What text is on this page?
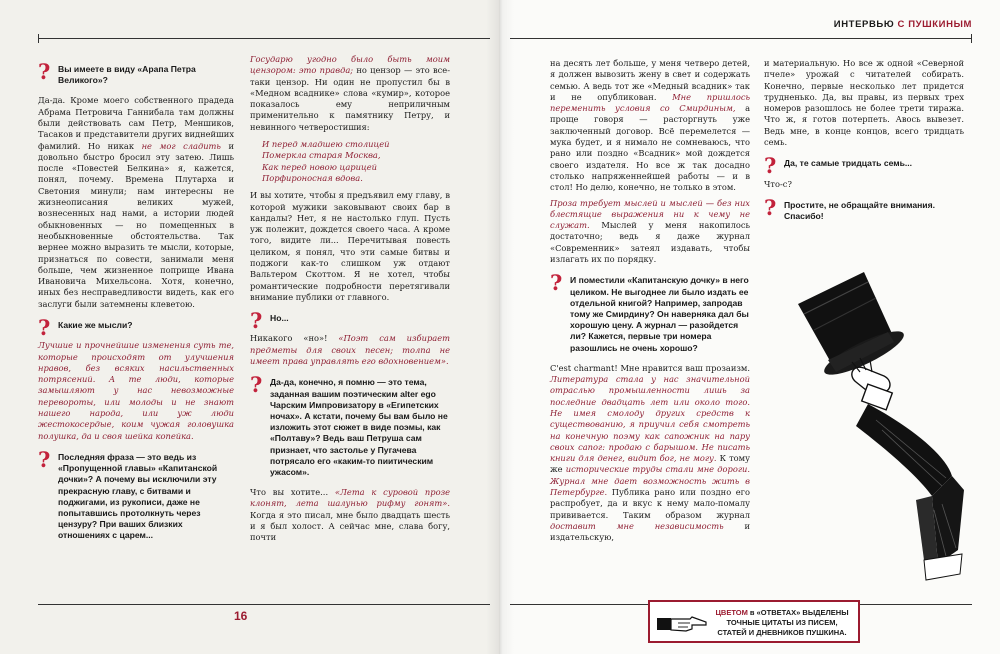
? Вы имеете в виду «Арапа Петра Великого»?

Да-да. Кроме моего собственного прадеда Абрама Петровича Ганнибала там должны были действовать сам Петр, Меншиков, Тасаков и представители других виднейших фамилий. Но никак не мог сладить и довольно быстро бросил эту затею. Лишь после «Повестей Белкина» я, кажется, понял, почему. Времена Плутарха и Светония минули; нам интересны не жизнеописания великих мужей, вознесенных над нами, а истории людей обыкновенных — но помещенных в необыкновенные обстоятельства. Так вернее можно выразить те мысли, которые, признаться по совести, занимали меня больше, чем жизненное поприще Ивана Ивановича Михельсона. Хотя, конечно, иных без несправедливости видеть, как его заслуги были затемнены клеветою.

? Какие же мысли?

Лучшие и прочнейшие изменения суть те, которые происходят от улучшения нравов, без всяких насильственных потрясений. А те люди, которые замышляют у нас невозможные перевороты, или молоды и не знают нашего народа, или уж люди жестокосердые, коим чужая головушка полушка, да и своя шейка копейка.

? Последняя фраза — это ведь из «Пропущенной главы» «Капитанской дочки»? А почему вы исключили эту прекрасную главу, с битвами и поджигами, из рукописи, даже не попытавшись протолкнуть через цензуру? При ваших близких отношениях с царем...

Государю угодно было быть моим цензором: это правда; но цензор — это все-таки цензор. Ни один не пропустил бы в «Медном всаднике» слова «кумир», которое показалось ему неприличным применительно к памятнику Петру, и невинного четверостишия:

И перед младшею столицей
Померкла старая Москва,
Как перед новою царицей
Порфироносная вдова.

И вы хотите, чтобы я предъявил ему главу, в которой мужики заковывают своих бар в кандалы? Нет, я не настолько глуп. Пусть уж полежит, дождется своего часа. А кроме того, видите ли... Перечитывая повесть целиком, я понял, что эти самые битвы и поджоги как-то слишком уж отдают Вальтером Скоттом. Я не хотел, чтобы романтические подробности перетягивали внимание публики от главного.

? Но...

Никакого «но»! «Поэт сам избирает предметы для своих песен; толпа не имеет права управлять его вдохновением».

? Да-да, конечно, я помню — это тема, заданная вашим поэтическим alter ego Чарским Импровизатору в «Египетских ночах». А кстати, почему бы вам было не изложить этот сюжет в виде поэмы, как «Полтаву»? Ведь ваш Петруша сам признает, что застолье у Пугачева потрясало его «каким-то пиитическим ужасом».

Что вы хотите... «Лета к суровой прозе клонят, лета шалунью рифму гонят». Когда я это писал, мне было двадцать шесть и я был холост. А сейчас мне, слава богу, почти

16
ИНТЕРВЬЮ С ПУШКИНЫМ

на десять лет больше, у меня четверо детей, я должен вывозить жену в свет и содержать семью. А ведь тот же «Медный всадник» так и не опубликован. Мне пришлось переменить условия со Смирдиным, а проще говоря — расторгнуть уже заключенный договор. Всё перемелется — мука будет, и я нимало не сомневаюсь, что рано или поздно «Всадник» мой дождется своего издателя. Но все ж так досадно столько напряженнейшей работы — и в стол! Но делю, конечно, не только в этом.

Проза требует мыслей и мыслей — без них блестящие выражения ни к чему не служат. Мыслей у меня накопилось достаточно; ведь я даже журнал «Современник» затеял издавать, чтобы излагать их по порядку.

? И поместили «Капитанскую дочку» в него целиком. Не выгоднее ли было издать ее отдельной книгой? Например, запродав тому же Смирдину? Он наверняка дал бы хорошую цену. А журнал — разойдется ли? Кажется, первые три номера разошлись не очень хорошо?

C'est charmant! Мне нравится ваш прозаизм. Литература стала у нас значительной отраслью промышленности лишь за последние двадцать лет или около того. Не имея смолоду других средств к существованию, я приучил себя смотреть на конечную поэму как сапожник на пару своих сапог: продаю с барышом. Не писать книги для денег, видит бог, не могу. К тому же исторические труды стали мне дороги. Журнал мне дает возможность жить в Петербурге. Публика рано или поздно его распробует, да и вкус к нему мало-помалу прививается. Таким образом журнал доставит мне независимость	и издательскую,

и материальную. Но все ж одной «Северной пчеле» урожай с читателей собирать. Конечно, первые несколько лет придется трудненько. Да, вы правы, из первых трех номеров разошлось не более трети тиража. Что ж, я готов потерпеть. Авось вывезет. Ведь мне, в конце концов, всего тридцать семь.

? Да, те самые тридцать семь...

Что-с?

? Простите, не обращайте внимания. Спасибо!
ЦВЕТОМ в «ОТВЕТАХ» ВЫДЕЛЕНЫ ТОЧНЫЕ ЦИТАТЫ ИЗ ПИСЕМ, СТАТЕЙ И ДНЕВНИКОВ ПУШКИНА.
